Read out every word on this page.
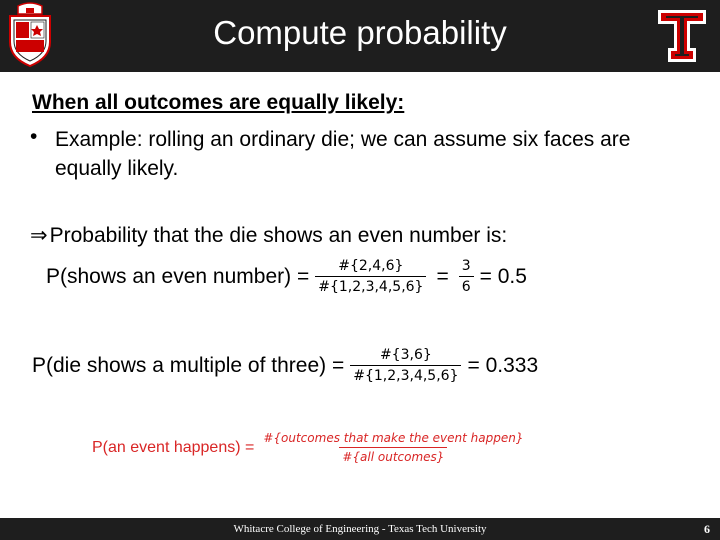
Compute probability
When all outcomes are equally likely:
• Example: rolling an ordinary die; we can assume six faces are equally likely.
⇒Probability that the die shows an even number is:
P(shows an even number) = $\frac{\#\{2,4,6\}}{\#\{1,2,3,4,5,6\}} = \frac{3}{6} = 0.5$
P(die shows a multiple of three) = $\frac{\#\{3,6\}}{\#\{1,2,3,4,5,6\}} = 0.333$
P(an event happens) = $\frac{\text{\#\{outcomes that make the event happen\}}}{\text{\#\{all outcomes\}}}$
Whitacre College of Engineering - Texas Tech University	6
